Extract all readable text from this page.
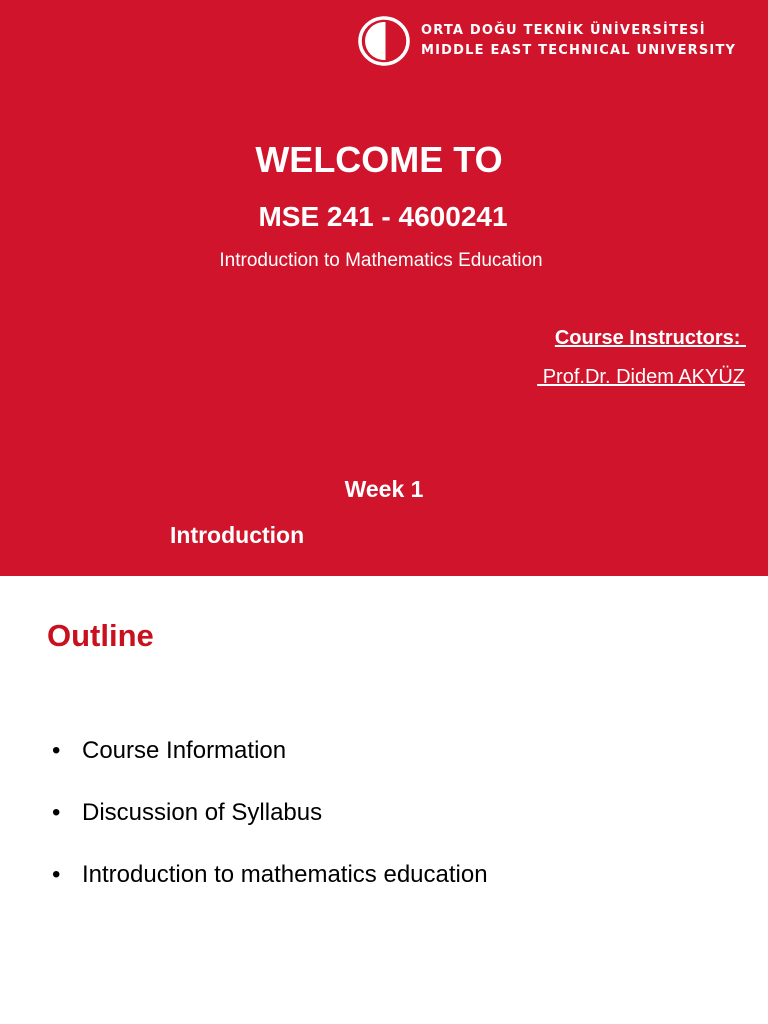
ORTA DOĞU TEKNİK ÜNİVERSİTESİ
MIDDLE EAST TECHNICAL UNIVERSITY
WELCOME TO
MSE 241 - 4600241
Introduction to Mathematics Education
Course Instructors:
Prof.Dr. Didem AKYÜZ
Week 1
Introduction
Outline
• Course Information
• Discussion of Syllabus
• Introduction to mathematics education
